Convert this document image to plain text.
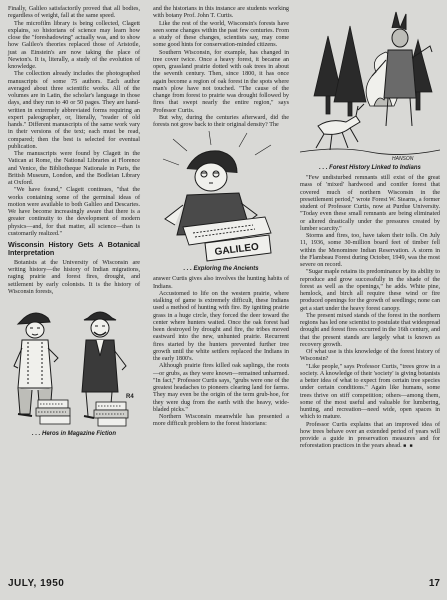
Finally, Galileo satisfactorily proved that all bodies, regardless of weight, fall at the same speed.

The microfilm library is being collected, Clagett explains, so historians of science may learn how close the "foreshadowing" actually was, and to show how Galileo's theories replaced those of Aristotle, just as Einstein's are now taking the place of Newton's. It is, literally, a study of the evolution of knowledge.

The collection already includes the photographed manuscripts of some 75 authors. Each author averaged about three scientific works. All of the volumes are in Latin, the scholar's language in those days, and they run to 40 or 50 pages. They are hand-written in extremely abbreviated forms requiring an expert paleographer, or, literally, "reader of old hands." Different manuscripts of the same work vary in their versions of the text; each must be read, compared; then the best is selected for eventual publication.

The manuscripts were found by Clagett in the Vatican at Rome, the National Libraries at Florence and Venice, the Bibliotheque Nationale in Paris, the British Museum, London, and the Bodleian Library at Oxford.

"We have found," Clagett continues, "that the works containing some of the germinal ideas of motion were available to both Galileo and Descartes. We have become increasingly aware that there is a greater continuity to the development of modern physics—and, for that matter, all science—than is customarily realized."

Wisconsin History Gets A Botanical Interpretation

Botanists at the University of Wisconsin are writing history—the history of Indian migrations, raging prairie and forest fires, drought, and settlement by early colonists. It is the history of Wisconsin forests,

R4
. . . Heros in Magazine Fiction

and the historians in this instance are students working with botany Prof. John T. Curtis.

Like the rest of the world, Wisconsin's forests have seen some changes within the past few centuries. From a study of these changes, scientists say, may come some good hints for conservation-minded citizens.

Southern Wisconsin, for example, has changed in tree cover twice. Once a heavy forest, it became an open, grassland prairie dotted with oak trees in about the seventh century. Then, since 1800, it has once again become a region of oak forest in the spots where man's plow have not touched. "The cause of the change from forest to prairie was drought followed by fires that swept nearly the entire region," says Professor Curtis.

But why, during the centuries afterward, did the forests not grow back to their original density? The

GALILEO
. . . Exploring the Ancients

answer Curtis gives also involves the hunting habits of Indians.

Accustomed to life on the western prairie, where stalking of game is extremely difficult, these Indians used a method of hunting with fire. By igniting prairie grass in a huge circle, they forced the deer toward the center where hunters waited. Once the oak forest had been destroyed by drought and fire, the tribes moved eastward into the new, unhunted prairie. Recurrent fires started by the hunters prevented further tree growth until the white settlers replaced the Indians in the early 1800's.

Although prairie fires killed oak saplings, the roots—or grubs, as they were known—remained unharmed. "In fact," Professor Curtis says, "grubs were one of the greatest headaches to pioneers clearing land for farms. They may even be the origin of the term grub-hoe, for they were dug from the earth with the heavy, wide-bladed picks."

Northern Wisconsin meanwhile has presented a more difficult problem to the forest historians:

HANSON
. . . Forest History Linked to Indians

"Few undisturbed remnants still exist of the great mass of 'mixed' hardwood and conifer forest that covered much of northern Wisconsin in the presettlement period," wrote Forest W. Stearns, a former student of Professor Curtis, now at Purdue University. "Today even these small remnants are being eliminated or altered drastically under the pressures created by lumber scarcity."

Storms and fires, too, have taken their tolls. On July 11, 1936, some 30-million board feet of timber fell within the Menominee Indian Reservation. A storm in the Flambeau Forest during October, 1949, was the most severe on record.

"Sugar maple retains its predominance by its ability to reproduce and grow successfully in the shade of the forest as well as the openings," he adds. White pine, hemlock, and birch all require these wind or fire produced openings for the growth of seedlings; none can get a start under the heavy forest canopy.

The present mixed stands of the forest in the northern regions has led one scientist to postulate that widespread drought and forest fires occurred in the 16th century, and that the present stands are largely what is known as recovery growth.

Of what use is this knowledge of the forest history of Wisconsin?

"Like people," says Professor Curtis, "trees grow in a society. A knowledge of their 'society' is giving botanists a better idea of what to expect from certain tree species under certain conditions." Again like humans, some trees thrive on stiff competition; others—among them, some of the most useful and valuable for lumbering, hunting, and recreation—need wide, open spaces in which to mature.

Professor Curtis explains that an improved idea of how trees behave over an extended period of years will provide a guide in preservation measures and for reforestation practices in the years ahead. ■ ■

JULY, 1950	17
